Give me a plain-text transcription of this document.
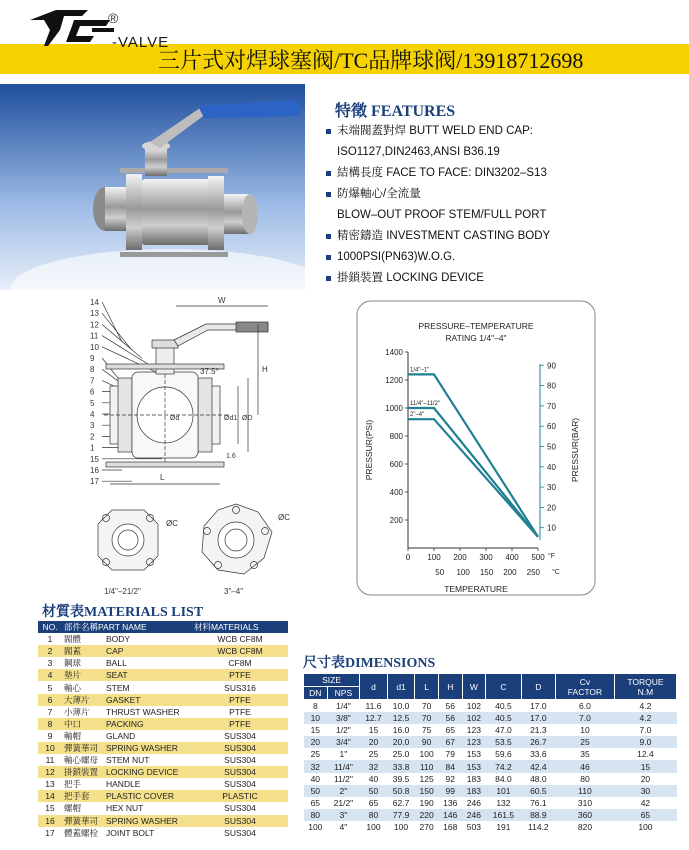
®
-VALVE
三片式对焊球塞阀/TC品牌球阀/13918712698
特徵 FEATURES
末端閥蓋對焊 BUTT WELD END CAP:
ISO1127,DIN2463,ANSI B36.19
結構長度 FACE TO FACE: DIN3202–S13
防爆軸心/全流量
BLOW–OUT PROOF STEM/FULL PORT
精密鑄造 INVESTMENT CASTING BODY
1000PSI(PN63)W.O.G.
掛鎖裝置 LOCKING DEVICE
14
13
12
11
10
9
8
7
6
5
4
3
2
1
15
16
17
W
H
L
37.5°
Ød	Ød1 ØD
1.6
ØC
ØC
1/4"–21/2"	3"–4"
PRESSURE–TEMPERATURE
RATING 1/4"–4"
TEMPERATURE
PRESSUR(PSI)	PRESSUR(BAR)
200
400
600
800
1000
1200
1400
10
20
30
40
50
60
70
80
90
0 100 200 300 400 500 °F
50 100 150 200 250 °C
1/4"–1"
11/4"–11/2"
2"–4"
材質表MATERIALS LIST
NO.	部件名稱PART NAME		材料MATERIALS
1	閥體	BODY	WCB CF8M
2	閥蓋	CAP	WCB CF8M
3	鋼球	BALL	CF8M
4	墊片	SEAT	PTFE
5	軸心	STEM	SUS316
6	大薄片	GASKET	PTFE
7	小薄片	THRUST WASHER	PTFE
8	中口	PACKING	PTFE
9	軸帽	GLAND	SUS304
10	彈簧華司	SPRING WASHER	SUS304
11	軸心螺母	STEM NUT	SUS304
12	掛鎖裝置	LOCKING DEVICE	SUS304
13	把手	HANDLE	SUS304
14	把手套	PLASTIC COVER	PLASTIC
15	螺帽	HEX NUT	SUS304
16	彈簧華司	SPRING WASHER	SUS304
17	體蓋螺栓	JOINT BOLT	SUS304
尺寸表DIMENSIONS
SIZE		d	d1	L	H	W	C	D	Cv
FACTOR	TORQUE
N.M
DN	NPS									
8	1/4"	11.6	10.0	70	56	102	40.5	17.0	6.0	4.2
10	3/8"	12.7	12.5	70	56	102	40.5	17.0	7.0	4.2
15	1/2"	15	16.0	75	65	123	47.0	21.3	10	7.0
20	3/4"	20	20.0	90	67	123	53.5	26.7	25	9.0
25	1"	25	25.0	100	79	153	59.6	33.6	35	12.4
32	11/4"	32	33.8	110	84	153	74.2	42.4	46	15
40	11/2"	40	39.5	125	92	183	84.0	48.0	80	20
50	2"	50	50.8	150	99	183	101	60.5	110	30
65	21/2"	65	62.7	190	136	246	132	76.1	310	42
80	3"	80	77.9	220	146	246	161.5	88.9	360	65
100	4"	100	100	270	168	503	191	114.2	820	100
